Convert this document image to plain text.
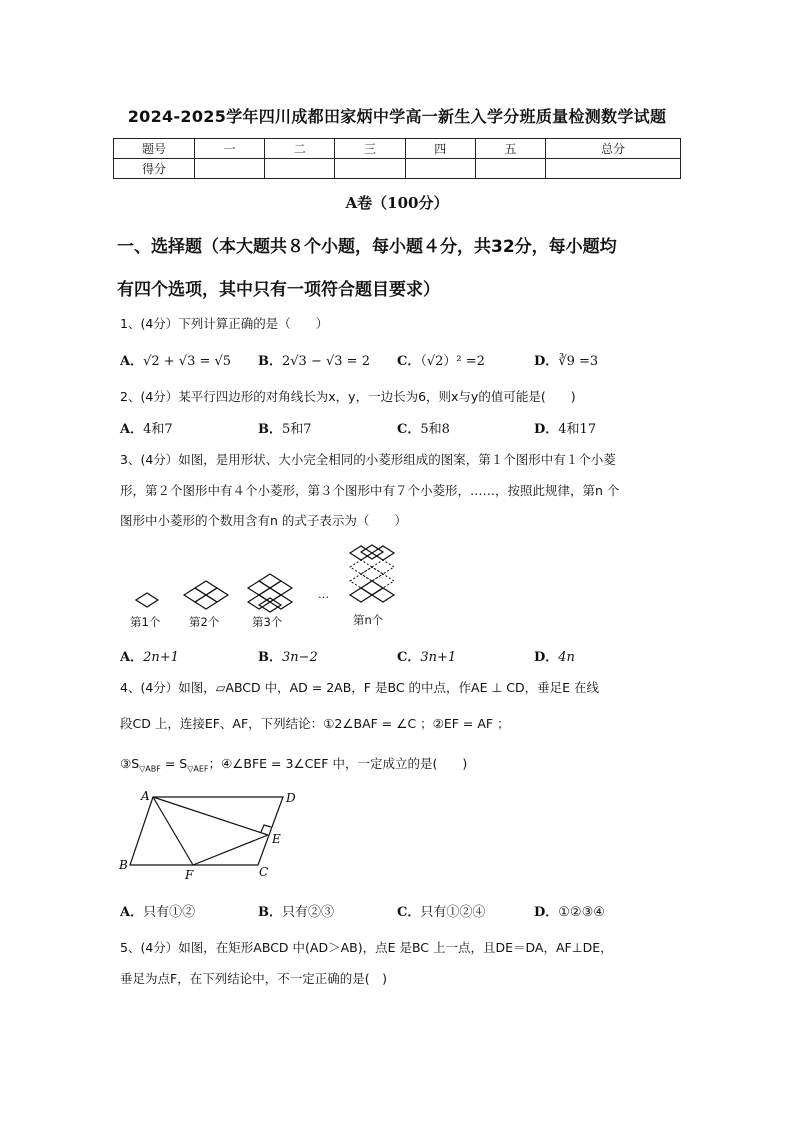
2024-2025学年四川成都田家炳中学高一新生入学分班质量检测数学试题
题号	一	二	三	四	五	总分
得分						
A卷（100分）
一、选择题（本大题共８个小题，每小题４分，共32分，每小题均
有四个选项，其中只有一项符合题目要求）
1、(4分）下列计算正确的是（　　）
A．√2 + √3 = √5 B．2√3 − √3 = 2 C．（√2）² =2	D．∛9 =3
2、(4分）某平行四边形的对角线长为x，y，一边长为6，则x与y的值可能是(　　)
A．4和7	B．5和7	C．5和8	D．4和17
3、(4分）如图，是用形状、大小完全相同的小菱形组成的图案，第１个图形中有１个小菱
形，第２个图形中有４个小菱形，第３个图形中有７个小菱形，……，按照此规律，第n 个
图形中小菱形的个数用含有n 的式子表示为（　　）
…
第1个 第2个	第3个	第n个
A．2n+1	B．3n−2	C．3n+1	D．4n
4、(4分）如图，▱ABCD 中，AD = 2AB，F 是BC 的中点，作AE ⊥ CD，垂足E 在线
段CD 上，连接EF、AF，下列结论：①2∠BAF = ∠C ；②EF = AF ；
$③S_{▽ABF} = S_{▽AEF}$；④∠BFE = 3∠CEF 中，一定成立的是(　　)
A	D
E
B
F	C
A．只有①②	B．只有②③	C．只有①②④	D．①②③④
5、(4分）如图，在矩形ABCD 中(AD＞AB)，点E 是BC 上一点，且DE＝DA，AF⊥DE，
垂足为点F，在下列结论中，不一定正确的是(　)
